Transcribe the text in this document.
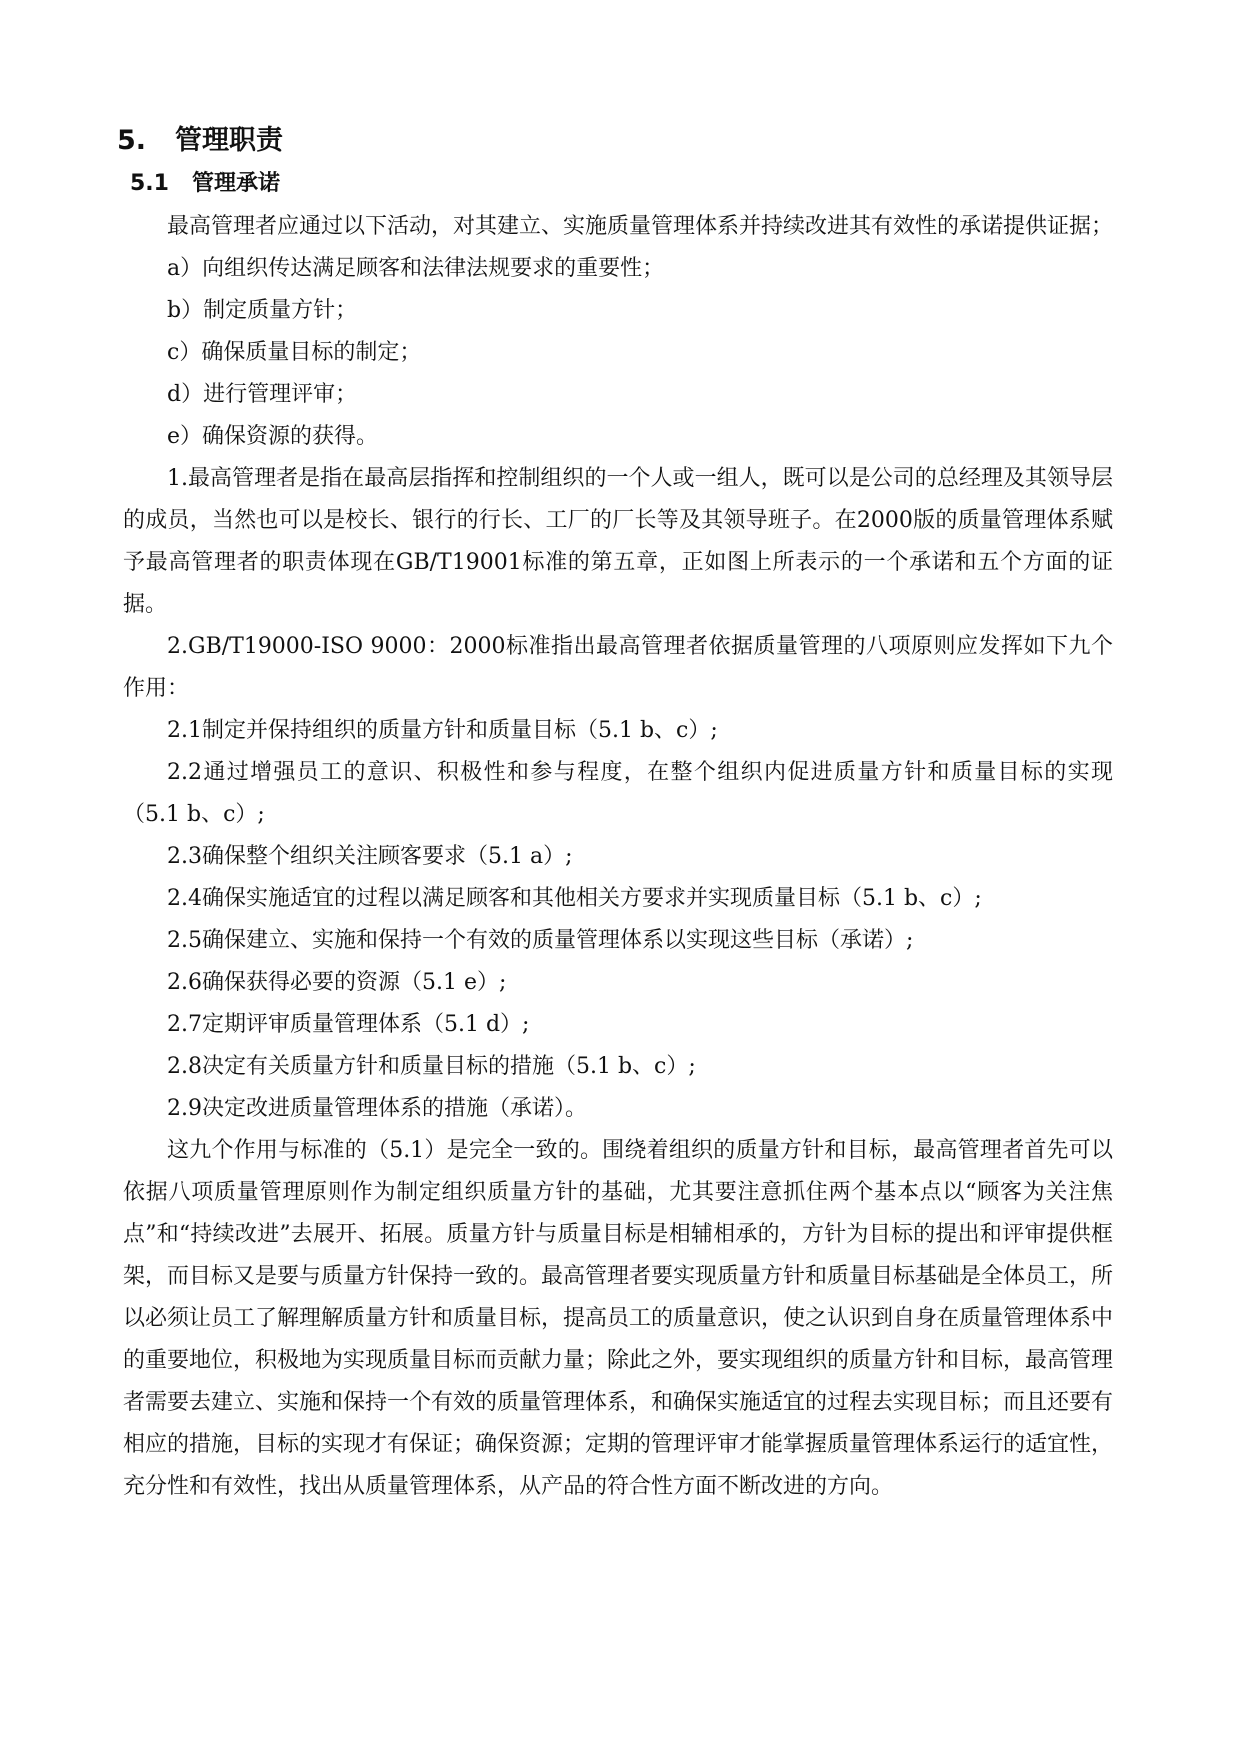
5. 管理职责
5.1 管理承诺

最高管理者应通过以下活动，对其建立、实施质量管理体系并持续改进其有效性的承诺提供证据；

a）向组织传达满足顾客和法律法规要求的重要性；

b）制定质量方针；

c）确保质量目标的制定；

d）进行管理评审；

e）确保资源的获得。

1.最高管理者是指在最高层指挥和控制组织的一个人或一组人，既可以是公司的总经理及其领导层的成员，当然也可以是校长、银行的行长、工厂的厂长等及其领导班子。在2000版的质量管理体系赋予最高管理者的职责体现在GB/T19001标准的第五章，正如图上所表示的一个承诺和五个方面的证据。

2.GB/T19000-ISO 9000：2000标准指出最高管理者依据质量管理的八项原则应发挥如下九个作用：

2.1制定并保持组织的质量方针和质量目标（5.1 b、c）;

2.2通过增强员工的意识、积极性和参与程度，在整个组织内促进质量方针和质量目标的实现（5.1 b、c）;

2.3确保整个组织关注顾客要求（5.1 a）;

2.4确保实施适宜的过程以满足顾客和其他相关方要求并实现质量目标（5.1 b、c）;

2.5确保建立、实施和保持一个有效的质量管理体系以实现这些目标（承诺）;

2.6确保获得必要的资源（5.1 e）;

2.7定期评审质量管理体系（5.1 d）;

2.8决定有关质量方针和质量目标的措施（5.1 b、c）;

2.9决定改进质量管理体系的措施（承诺）。

这九个作用与标准的（5.1）是完全一致的。围绕着组织的质量方针和目标，最高管理者首先可以依据八项质量管理原则作为制定组织质量方针的基础，尤其要注意抓住两个基本点以“顾客为关注焦点”和“持续改进”去展开、拓展。质量方针与质量目标是相辅相承的，方针为目标的提出和评审提供框架，而目标又是要与质量方针保持一致的。最高管理者要实现质量方针和质量目标基础是全体员工，所以必须让员工了解理解质量方针和质量目标，提高员工的质量意识，使之认识到自身在质量管理体系中的重要地位，积极地为实现质量目标而贡献力量；除此之外，要实现组织的质量方针和目标，最高管理者需要去建立、实施和保持一个有效的质量管理体系，和确保实施适宜的过程去实现目标；而且还要有相应的措施，目标的实现才有保证；确保资源；定期的管理评审才能掌握质量管理体系运行的适宜性，充分性和有效性，找出从质量管理体系，从产品的符合性方面不断改进的方向。
